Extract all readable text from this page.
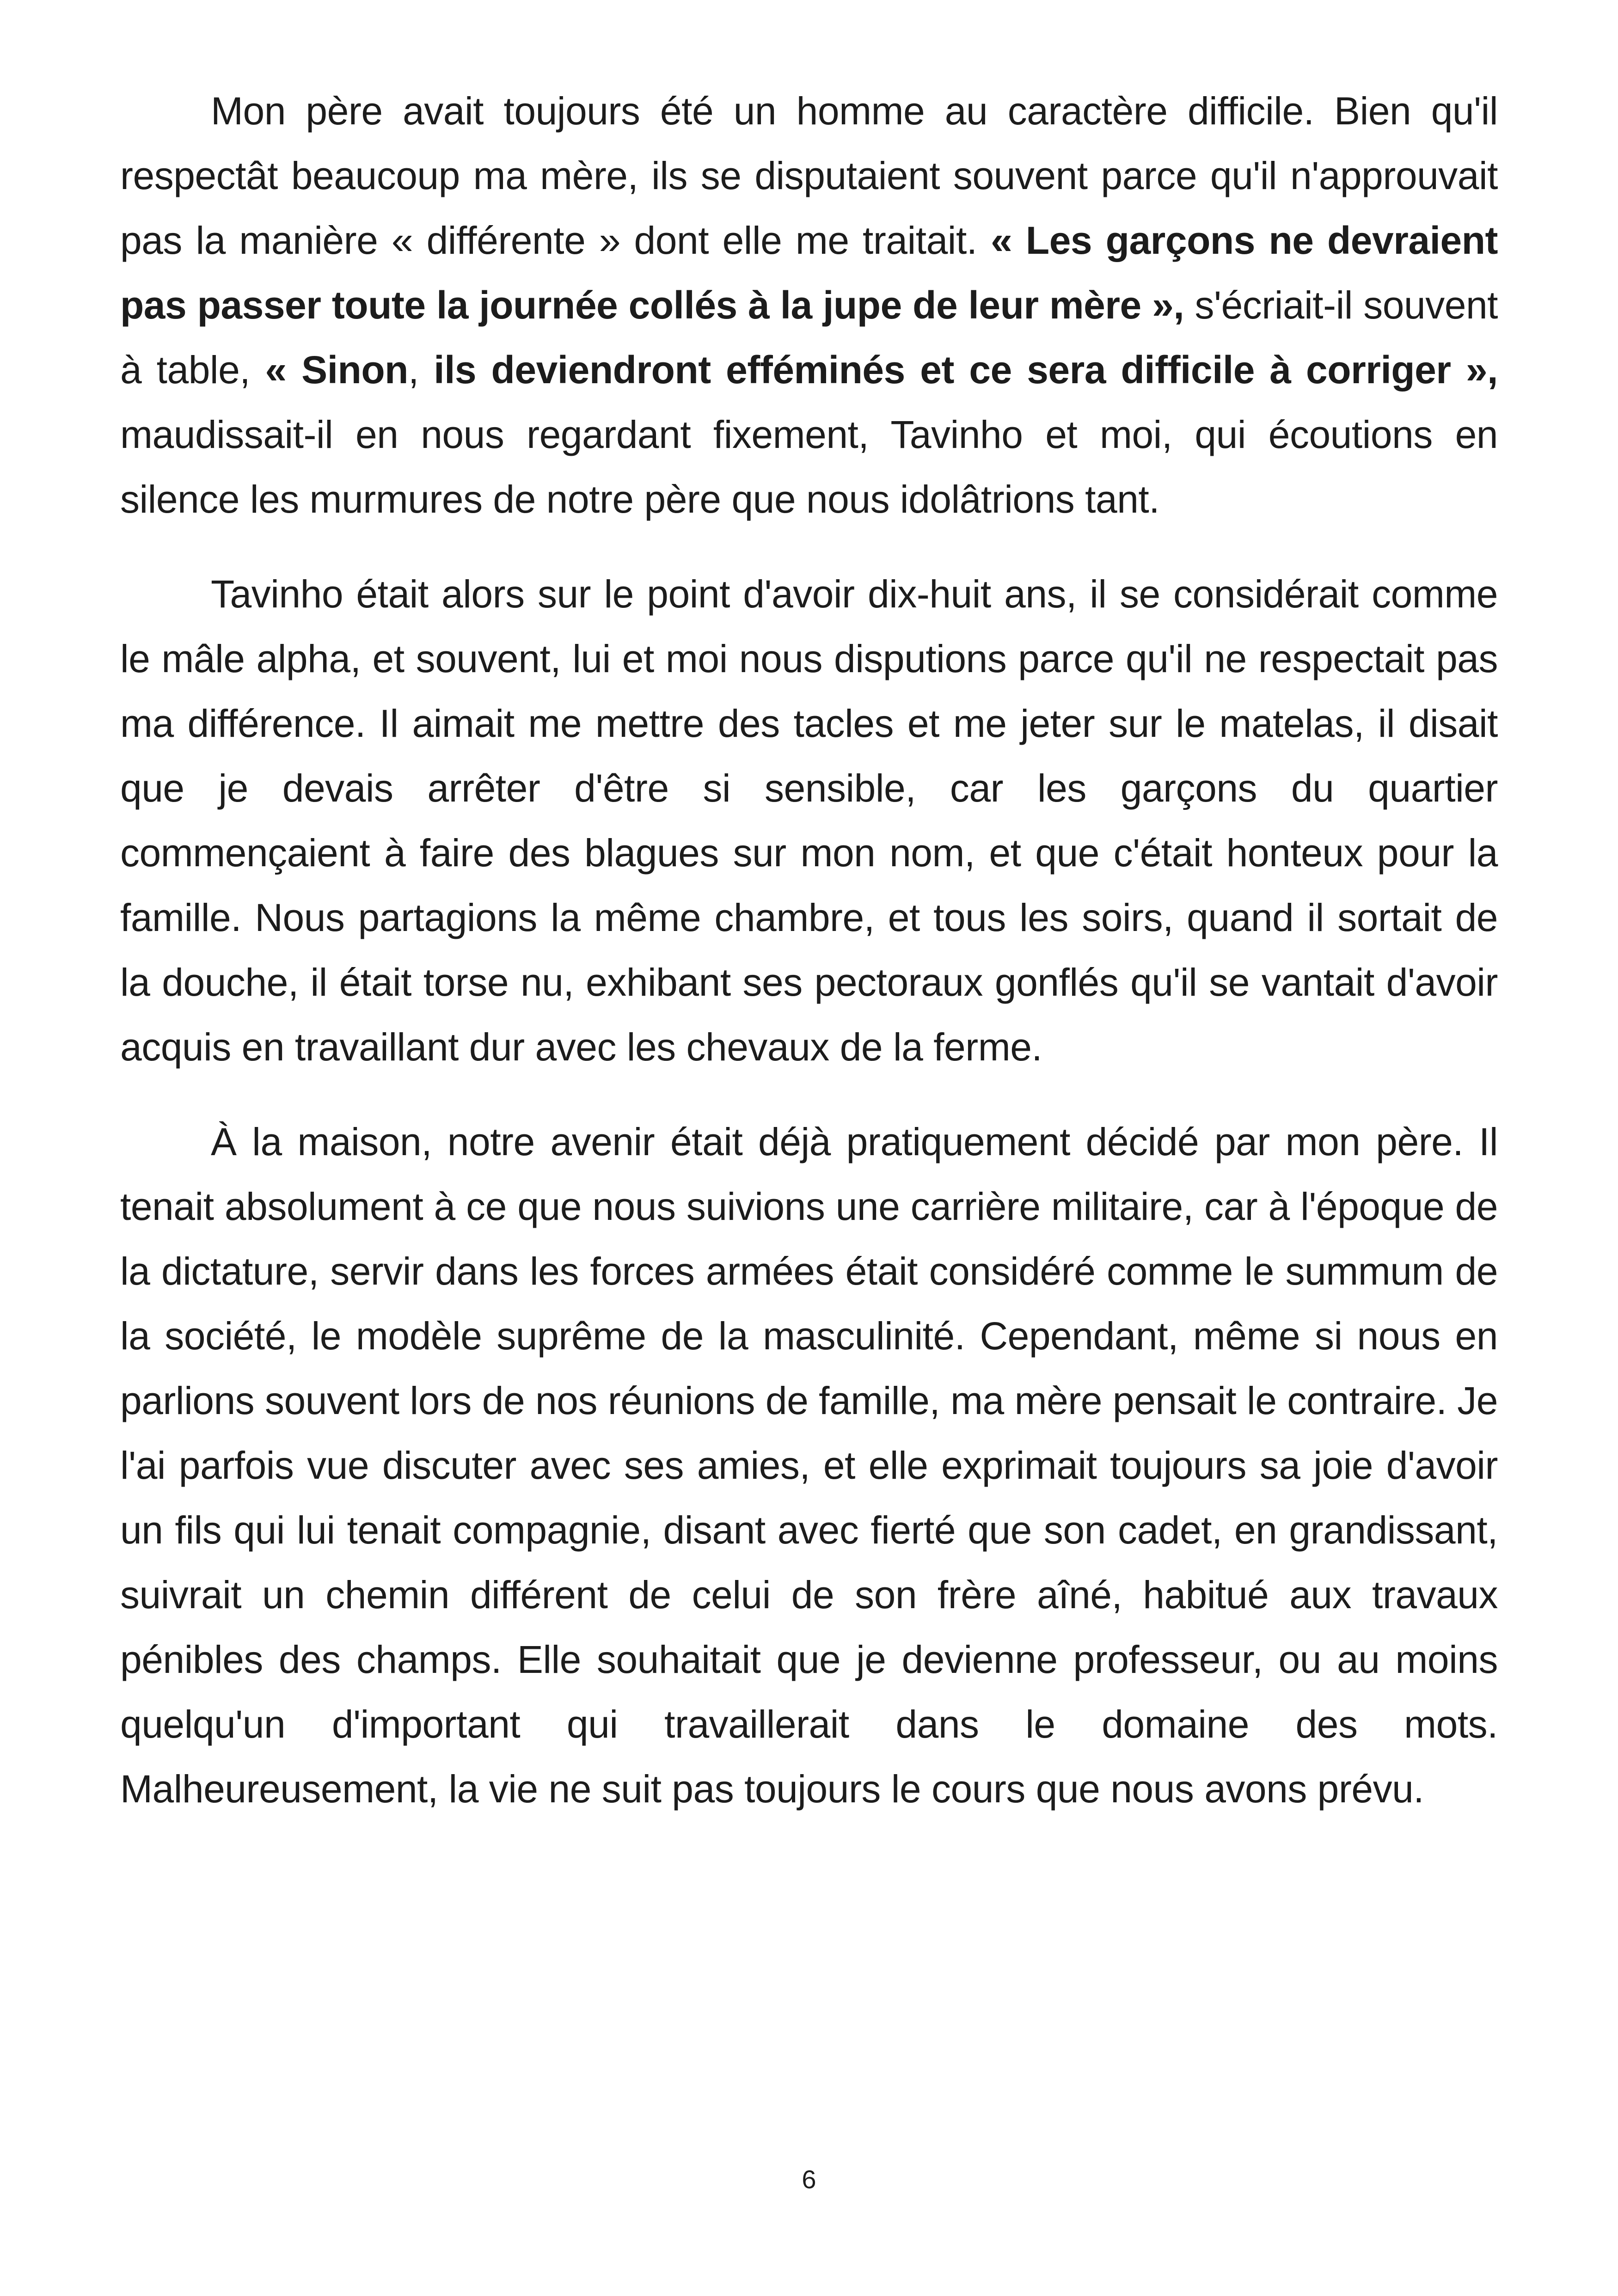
Mon père avait toujours été un homme au caractère difficile. Bien qu'il respectât beaucoup ma mère, ils se disputaient souvent parce qu'il n'approuvait pas la manière « différente » dont elle me traitait. « Les garçons ne devraient pas passer toute la journée collés à la jupe de leur mère », s'écriait-il souvent à table, « Sinon, ils deviendront efféminés et ce sera difficile à corriger », maudissait-il en nous regardant fixement, Tavinho et moi, qui écoutions en silence les murmures de notre père que nous idolâtrions tant.

Tavinho était alors sur le point d'avoir dix-huit ans, il se considérait comme le mâle alpha, et souvent, lui et moi nous disputions parce qu'il ne respectait pas ma différence. Il aimait me mettre des tacles et me jeter sur le matelas, il disait que je devais arrêter d'être si sensible, car les garçons du quartier commençaient à faire des blagues sur mon nom, et que c'était honteux pour la famille. Nous partagions la même chambre, et tous les soirs, quand il sortait de la douche, il était torse nu, exhibant ses pectoraux gonflés qu'il se vantait d'avoir acquis en travaillant dur avec les chevaux de la ferme.

À la maison, notre avenir était déjà pratiquement décidé par mon père. Il tenait absolument à ce que nous suivions une carrière militaire, car à l'époque de la dictature, servir dans les forces armées était considéré comme le summum de la société, le modèle suprême de la masculinité. Cependant, même si nous en parlions souvent lors de nos réunions de famille, ma mère pensait le contraire. Je l'ai parfois vue discuter avec ses amies, et elle exprimait toujours sa joie d'avoir un fils qui lui tenait compagnie, disant avec fierté que son cadet, en grandissant, suivrait un chemin différent de celui de son frère aîné, habitué aux travaux pénibles des champs. Elle souhaitait que je devienne professeur, ou au moins quelqu'un d'important qui travaillerait dans le domaine des mots. Malheureusement, la vie ne suit pas toujours le cours que nous avons prévu.

6
